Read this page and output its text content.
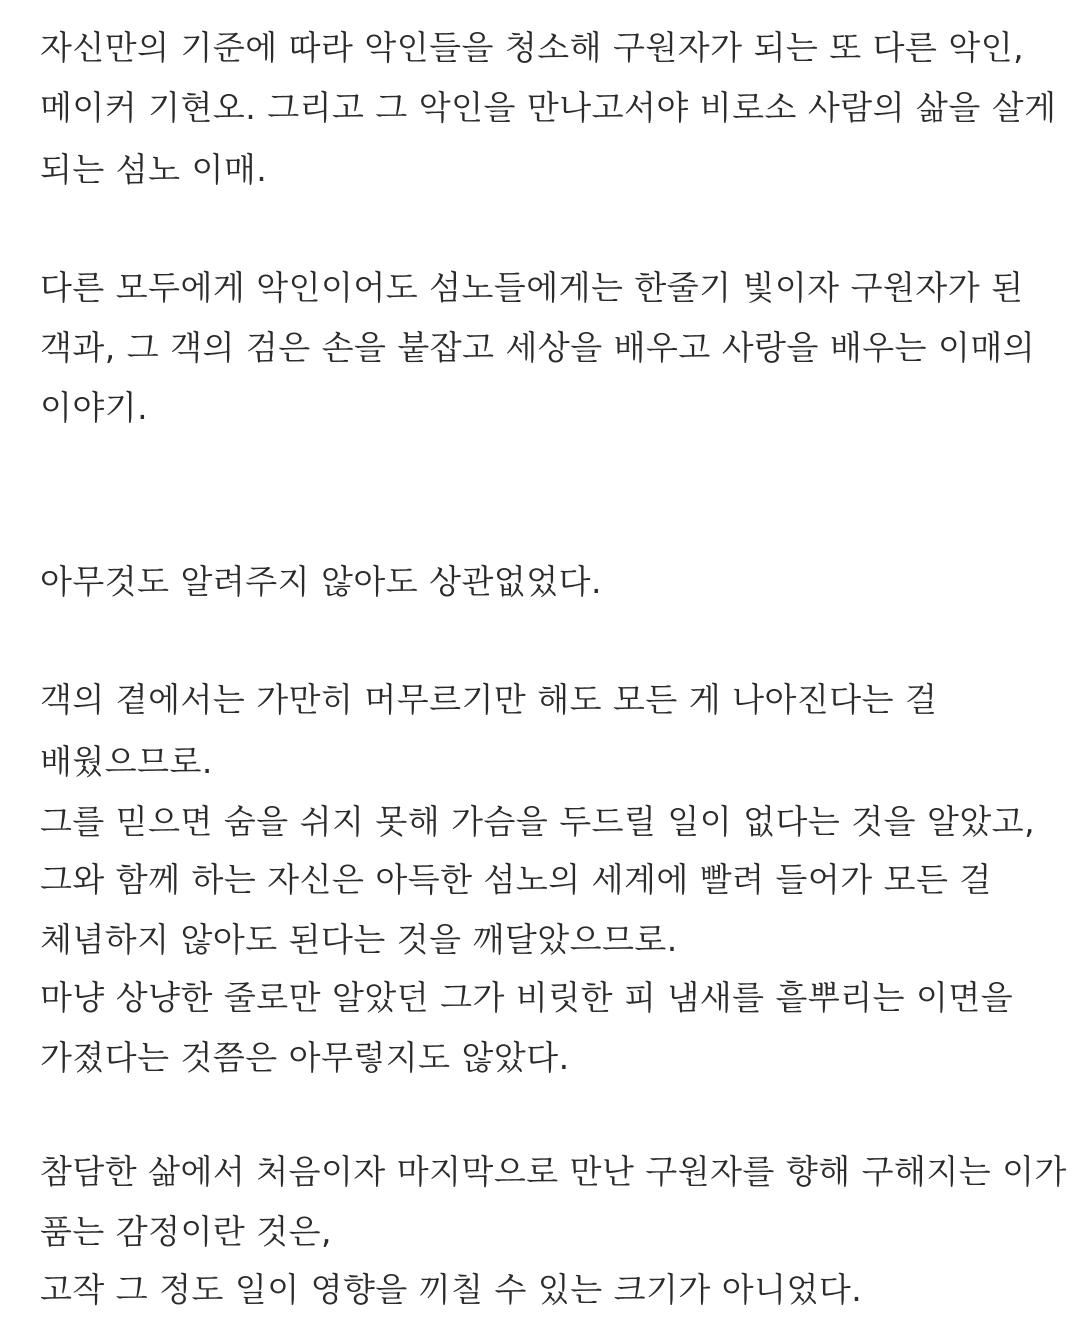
자신만의 기준에 따라 악인들을 청소해 구원자가 되는 또 다른 악인,
메이커 기현오. 그리고 그 악인을 만나고서야 비로소 사람의 삶을 살게
되는 섬노 이매.
다른 모두에게 악인이어도 섬노들에게는 한줄기 빛이자 구원자가 된
객과, 그 객의 검은 손을 붙잡고 세상을 배우고 사랑을 배우는 이매의
이야기.
아무것도 알려주지 않아도 상관없었다.
객의 곁에서는 가만히 머무르기만 해도 모든 게 나아진다는 걸
배웠으므로.
그를 믿으면 숨을 쉬지 못해 가슴을 두드릴 일이 없다는 것을 알았고,
그와 함께 하는 자신은 아득한 섬노의 세계에 빨려 들어가 모든 걸
체념하지 않아도 된다는 것을 깨달았으므로.
마냥 상냥한 줄로만 알았던 그가 비릿한 피 냄새를 흩뿌리는 이면을
가졌다는 것쯤은 아무렇지도 않았다.
참담한 삶에서 처음이자 마지막으로 만난 구원자를 향해 구해지는 이가
품는 감정이란 것은,
고작 그 정도 일이 영향을 끼칠 수 있는 크기가 아니었다.
